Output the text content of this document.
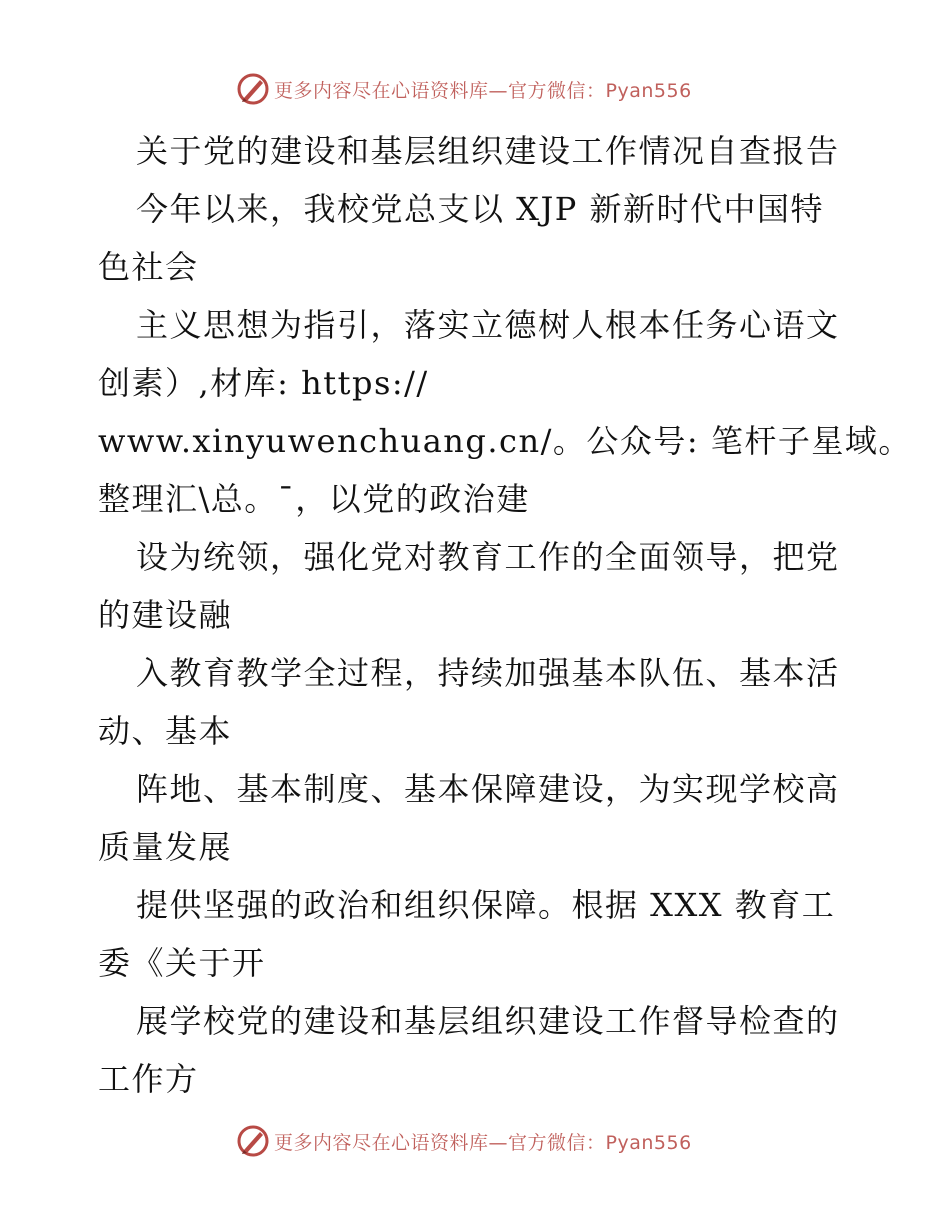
更多内容尽在心语资料库—官方微信：Pyan556
关于党的建设和基层组织建设工作情况自查报告
今年以来，我校党总支以 XJP 新新时代中国特
色社会
主义思想为指引，落实立德树人根本任务心语文
创素）,材库: https://
www.xinyuwenchuang.cn/。公众号: 笔杆子星域。
整理汇\总。¯，以党的政治建
设为统领，强化党对教育工作的全面领导，把党
的建设融
入教育教学全过程，持续加强基本队伍、基本活
动、基本
阵地、基本制度、基本保障建设，为实现学校高
质量发展
提供坚强的政治和组织保障。根据 XXX 教育工
委《关于开
展学校党的建设和基层组织建设工作督导检查的
工作方
更多内容尽在心语资料库—官方微信：Pyan556
